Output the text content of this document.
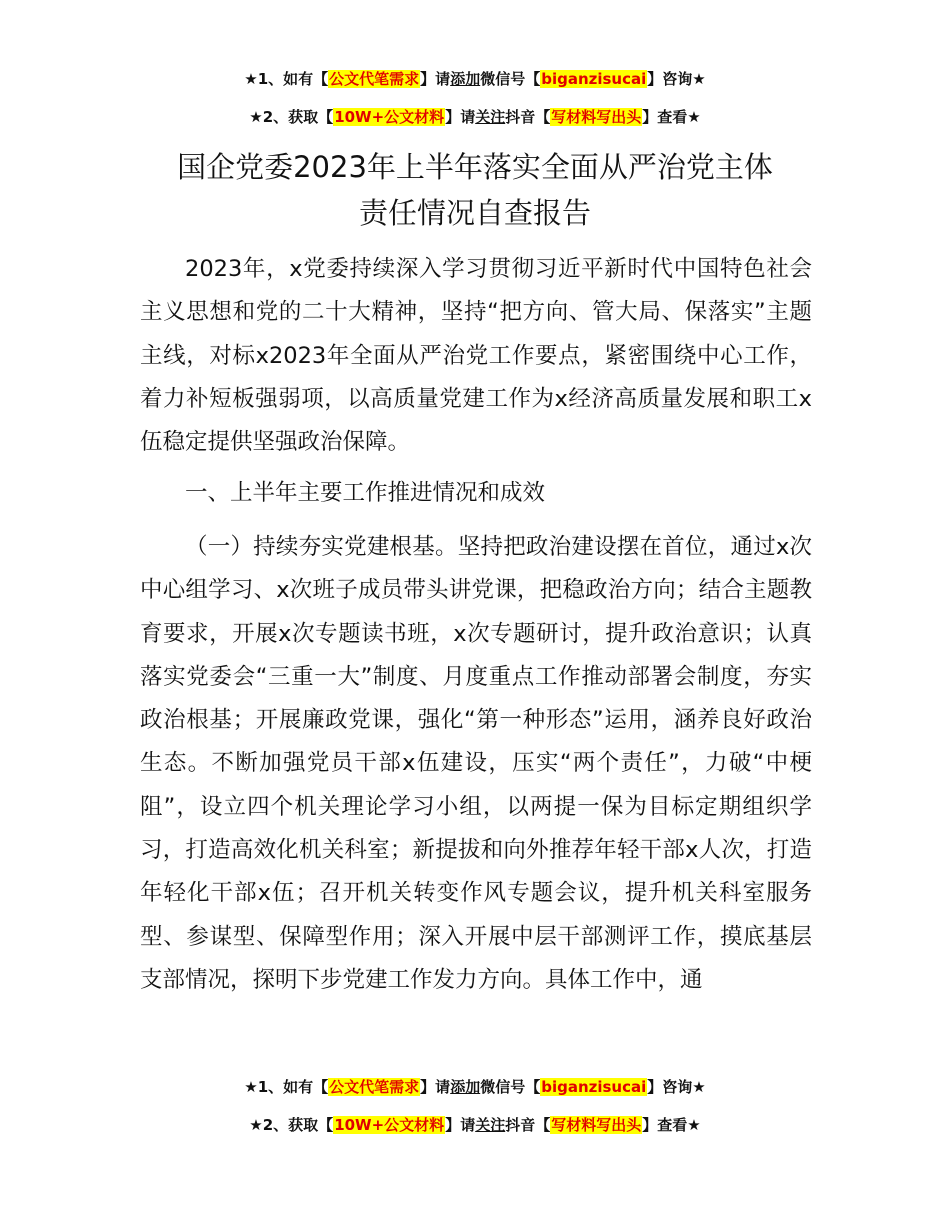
★1、如有【公文代笔需求】请添加微信号【biganzisucai】咨询★
★2、获取【10W+公文材料】请关注抖音【写材料写出头】查看★
国企党委2023年上半年落实全面从严治党主体
责任情况自查报告

2023年，x党委持续深入学习贯彻习近平新时代中国特色社会主义思想和党的二十大精神，坚持“把方向、管大局、保落实”主题主线，对标x2023年全面从严治党工作要点，紧密围绕中心工作，着力补短板强弱项，以高质量党建工作为x经济高质量发展和职工x伍稳定提供坚强政治保障。

一、上半年主要工作推进情况和成效

（一）持续夯实党建根基。坚持把政治建设摆在首位，通过x次中心组学习、x次班子成员带头讲党课，把稳政治方向；结合主题教育要求，开展x次专题读书班，x次专题研讨，提升政治意识；认真落实党委会“三重一大”制度、月度重点工作推动部署会制度，夯实政治根基；开展廉政党课，强化“第一种形态”运用，涵养良好政治生态。不断加强党员干部x伍建设，压实“两个责任”，力破“中梗阻”，设立四个机关理论学习小组，以两提一保为目标定期组织学习，打造高效化机关科室；新提拔和向外推荐年轻干部x人次，打造年轻化干部x伍；召开机关转变作风专题会议，提升机关科室服务型、参谋型、保障型作用；深入开展中层干部测评工作，摸底基层支部情况，探明下步党建工作发力方向。具体工作中，通

★1、如有【公文代笔需求】请添加微信号【biganzisucai】咨询★
★2、获取【10W+公文材料】请关注抖音【写材料写出头】查看★
